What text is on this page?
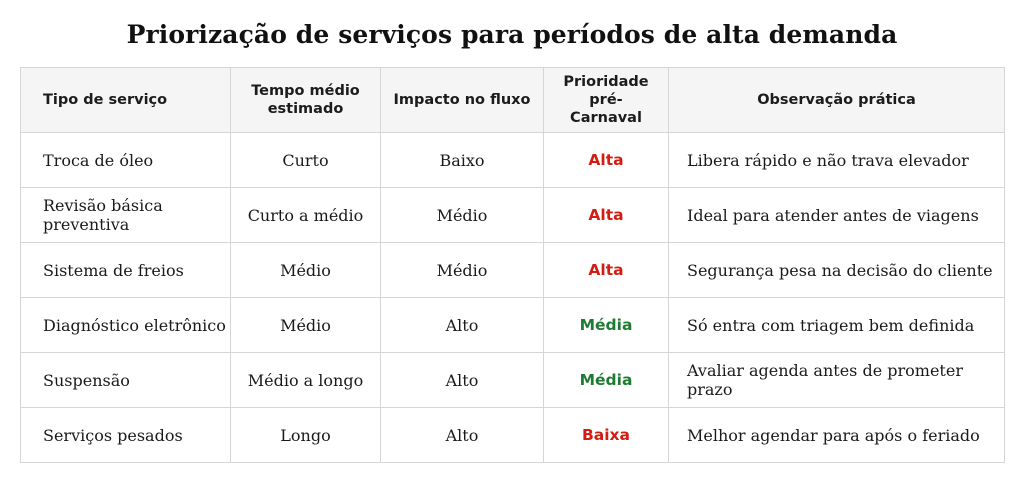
Priorização de serviços para períodos de alta demanda
Tipo de serviço	Tempo médio estimado	Impacto no fluxo	Prioridade pré-Carnaval	Observação prática
Troca de óleo	Curto	Baixo	Alta	Libera rápido e não trava elevador
Revisão básica preventiva	Curto a médio	Médio	Alta	Ideal para atender antes de viagens
Sistema de freios	Médio	Médio	Alta	Segurança pesa na decisão do cliente
Diagnóstico eletrônico	Médio	Alto	Média	Só entra com triagem bem definida
Suspensão	Médio a longo	Alto	Média	Avaliar agenda antes de prometer prazo
Serviços pesados	Longo	Alto	Baixa	Melhor agendar para após o feriado
